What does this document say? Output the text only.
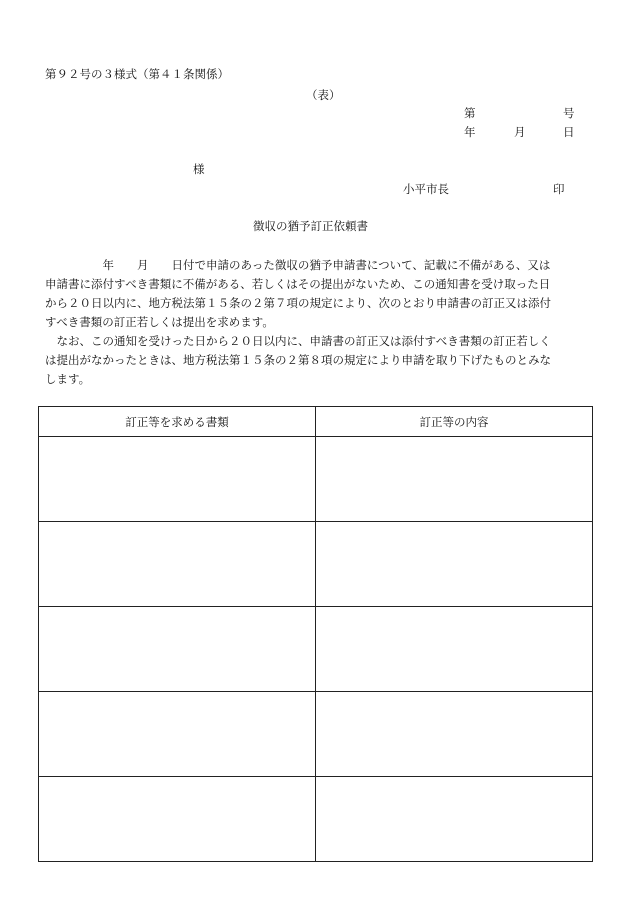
第９２号の３様式（第４１条関係）
（表）
第	号
年	月	日
様
小平市長	印
徴収の猶予訂正依頼書
　　　　　年　　月　　日付で申請のあった徴収の猶予申請書について、記載に不備がある、又は
申請書に添付すべき書類に不備がある、若しくはその提出がないため、この通知書を受け取った日
から２０日以内に、地方税法第１５条の２第７項の規定により、次のとおり申請書の訂正又は添付
すべき書類の訂正若しくは提出を求めます。
　なお、この通知を受けった日から２０日以内に、申請書の訂正又は添付すべき書類の訂正若しく
は提出がなかったときは、地方税法第１５条の２第８項の規定により申請を取り下げたものとみな
します。
訂正等を求める書類	訂正等の内容
